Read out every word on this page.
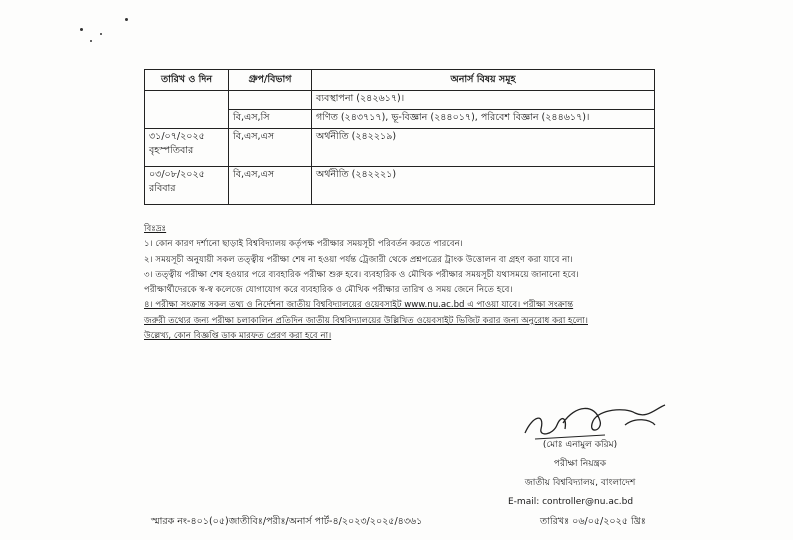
তারিখ ও দিন	গ্রুপ/বিভাগ	অনার্স বিষয় সমূহ
		ব্যবস্থাপনা (২৪২৬১৭)।
	বি,এস,সি	গণিত (২৪৩৭১৭), ভূ-বিজ্ঞান (২৪৪০১৭), পরিবেশ বিজ্ঞান (২৪৪৬১৭)।

৩১/০৭/২০২৫
বৃহস্পতিবার	বি,এস,এস	অর্থনীতি (২৪২২১৯)

০৩/০৮/২০২৫
রবিবার	বি,এস,এস	অর্থনীতি (২৪২২২১)

বিঃদ্রঃ

১। কোন কারণ দর্শানো ছাড়াই বিশ্ববিদ্যালয় কর্তৃপক্ষ পরীক্ষার সময়সূচী পরিবর্তন করতে পারবেন।

২। সময়সূচী অনুযায়ী সকল তত্ত্বীয় পরীক্ষা শেষ না হওয়া পর্যন্ত ট্রেজারী থেকে প্রশ্নপত্রের ট্রাংক উত্তোলন বা গ্রহণ করা যাবে না।

৩। তত্ত্বীয় পরীক্ষা শেষ হওয়ার পরে ব্যবহারিক পরীক্ষা শুরু হবে। ব্যবহারিক ও মৌখিক পরীক্ষার সময়সূচী যথাসময়ে জানানো হবে।

পরীক্ষার্থীদেরকে স্ব-স্ব কলেজে যোগাযোগ করে ব্যবহারিক ও মৌখিক পরীক্ষার তারিখ ও সময় জেনে নিতে হবে।

৪। পরীক্ষা সংক্রান্ত সকল তথ্য ও নির্দেশনা জাতীয় বিশ্ববিদ্যালয়ের ওয়েবসাইট www.nu.ac.bd এ পাওয়া যাবে। পরীক্ষা সংক্রান্ত

জরুরী তথ্যের জন্য পরীক্ষা চলাকালিন প্রতিদিন জাতীয় বিশ্ববিদ্যালয়ের উল্লিখিত ওয়েবসাইট ভিজিট করার জন্য অনুরোধ করা হলো।

উল্লেখ্য, কোন বিজ্ঞপ্তি ডাক মারফত প্রেরণ করা হবে না।

(মোঃ এনামুল করিম)
পরীক্ষা নিয়ন্ত্রক
জাতীয় বিশ্ববিদ্যালয়, বাংলাদেশ
E-mail: controller@nu.ac.bd
স্মারক নং-৪০১(০৫)জাতীবিঃ/পরীঃ/অনার্স পার্ট-৪/২০২৩/২০২৫/৪৩৬১	তারিখঃ ০৬/০৫/২০২৫ খ্রিঃ
